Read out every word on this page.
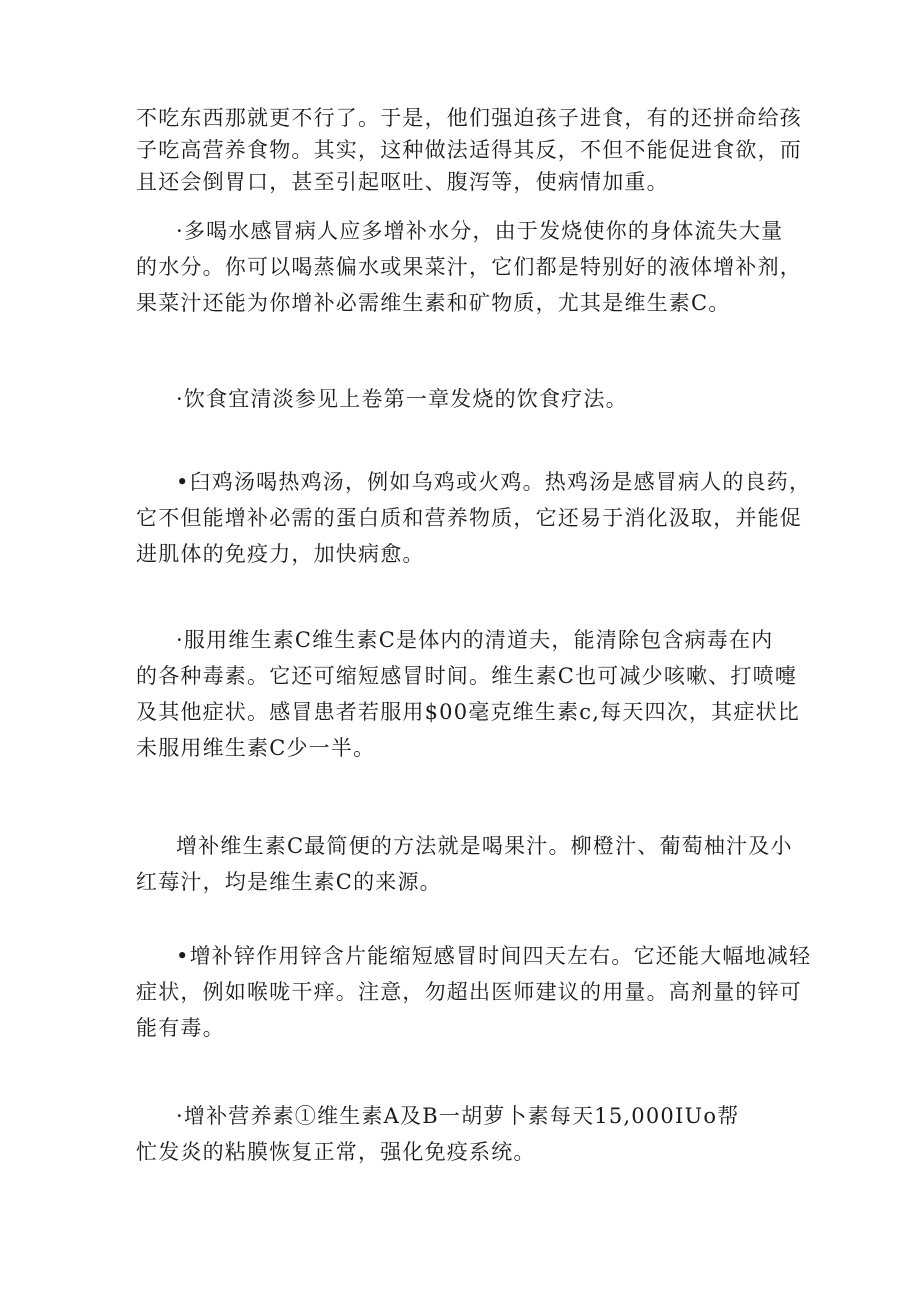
不吃东西那就更不行了。于是，他们强迫孩子进食，有的还拼命给孩
子吃高营养食物。其实，这种做法适得其反，不但不能促进食欲，而
且还会倒胃口，甚至引起呕吐、腹泻等，使病情加重。

·多喝水感冒病人应多增补水分，由于发烧使你的身体流失大量
的水分。你可以喝蒸偏水或果菜汁，它们都是特别好的液体增补剂，
果菜汁还能为你增补必需维生素和矿物质，尤其是维生素C。

·饮食宜清淡参见上卷第一章发烧的饮食疗法。

•臼鸡汤喝热鸡汤，例如乌鸡或火鸡。热鸡汤是感冒病人的良药，
它不但能增补必需的蛋白质和营养物质，它还易于消化汲取，并能促
进肌体的免疫力，加快病愈。

·服用维生素C维生素C是体内的清道夫，能清除包含病毒在内
的各种毒素。它还可缩短感冒时间。维生素C也可减少咳嗽、打喷嚏
及其他症状。感冒患者若服用$00毫克维生素c,每天四次，其症状比
未服用维生素C少一半。

增补维生素C最简便的方法就是喝果汁。柳橙汁、葡萄柚汁及小
红莓汁，均是维生素C的来源。

•增补锌作用锌含片能缩短感冒时间四天左右。它还能大幅地减轻
症状，例如喉咙干痒。注意，勿超出医师建议的用量。高剂量的锌可
能有毒。

·增补营养素①维生素A及B一胡萝卜素每天15,000IUo帮
忙发炎的粘膜恢复正常，强化免疫系统。
